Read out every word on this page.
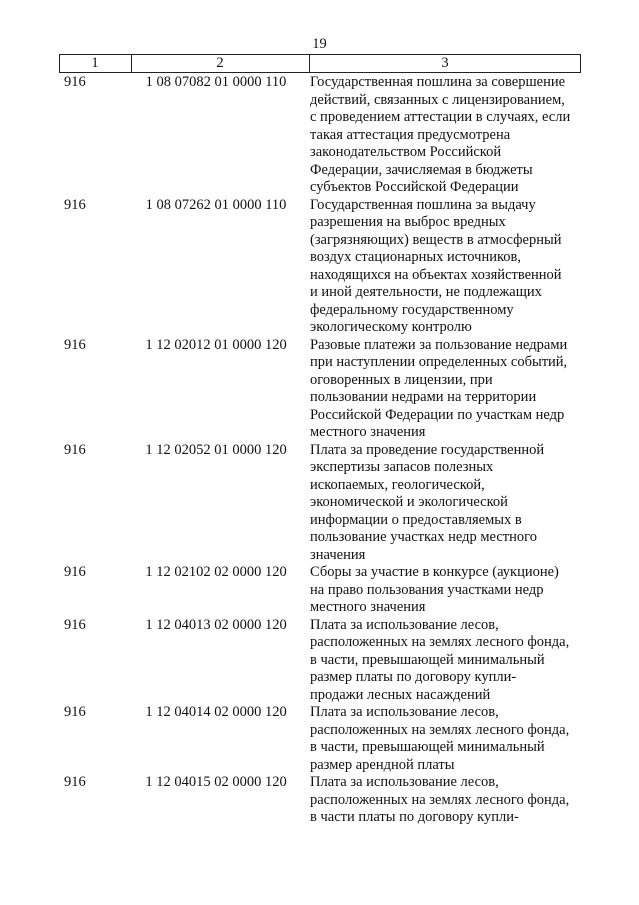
19
1	2	3
916	1 08 07082 01 0000 110	Государственная пошлина за совершение
действий, связанных с лицензированием,
с проведением аттестации в случаях, если
такая аттестация предусмотрена
законодательством Российской
Федерации, зачисляемая в бюджеты
субъектов Российской Федерации
916	1 08 07262 01 0000 110	Государственная пошлина за выдачу
разрешения на выброс вредных
(загрязняющих) веществ в атмосферный
воздух стационарных источников,
находящихся на объектах хозяйственной
и иной деятельности, не подлежащих
федеральному государственному
экологическому контролю
916	1 12 02012 01 0000 120 Разовые платежи за пользование недрами
при наступлении определенных событий,
оговоренных в лицензии, при
пользовании недрами на территории
Российской Федерации по участкам недр
местного значения
916	1 12 02052 01 0000 120 Плата за проведение государственной
экспертизы запасов полезных
ископаемых, геологической,
экономической и экологической
информации о предоставляемых в
пользование участках недр местного
значения
916	1 12 02102 02 0000 120 Сборы за участие в конкурсе (аукционе)
на право пользования участками недр
местного значения
916	1 12 04013 02 0000 120 Плата за использование лесов,
расположенных на землях лесного фонда,
в части, превышающей минимальный
размер платы по договору купли-
продажи лесных насаждений
916	1 12 04014 02 0000 120 Плата за использование лесов,
расположенных на землях лесного фонда,
в части, превышающей минимальный
размер арендной платы
916	1 12 04015 02 0000 120 Плата за использование лесов,
расположенных на землях лесного фонда,
в части платы по договору купли-
